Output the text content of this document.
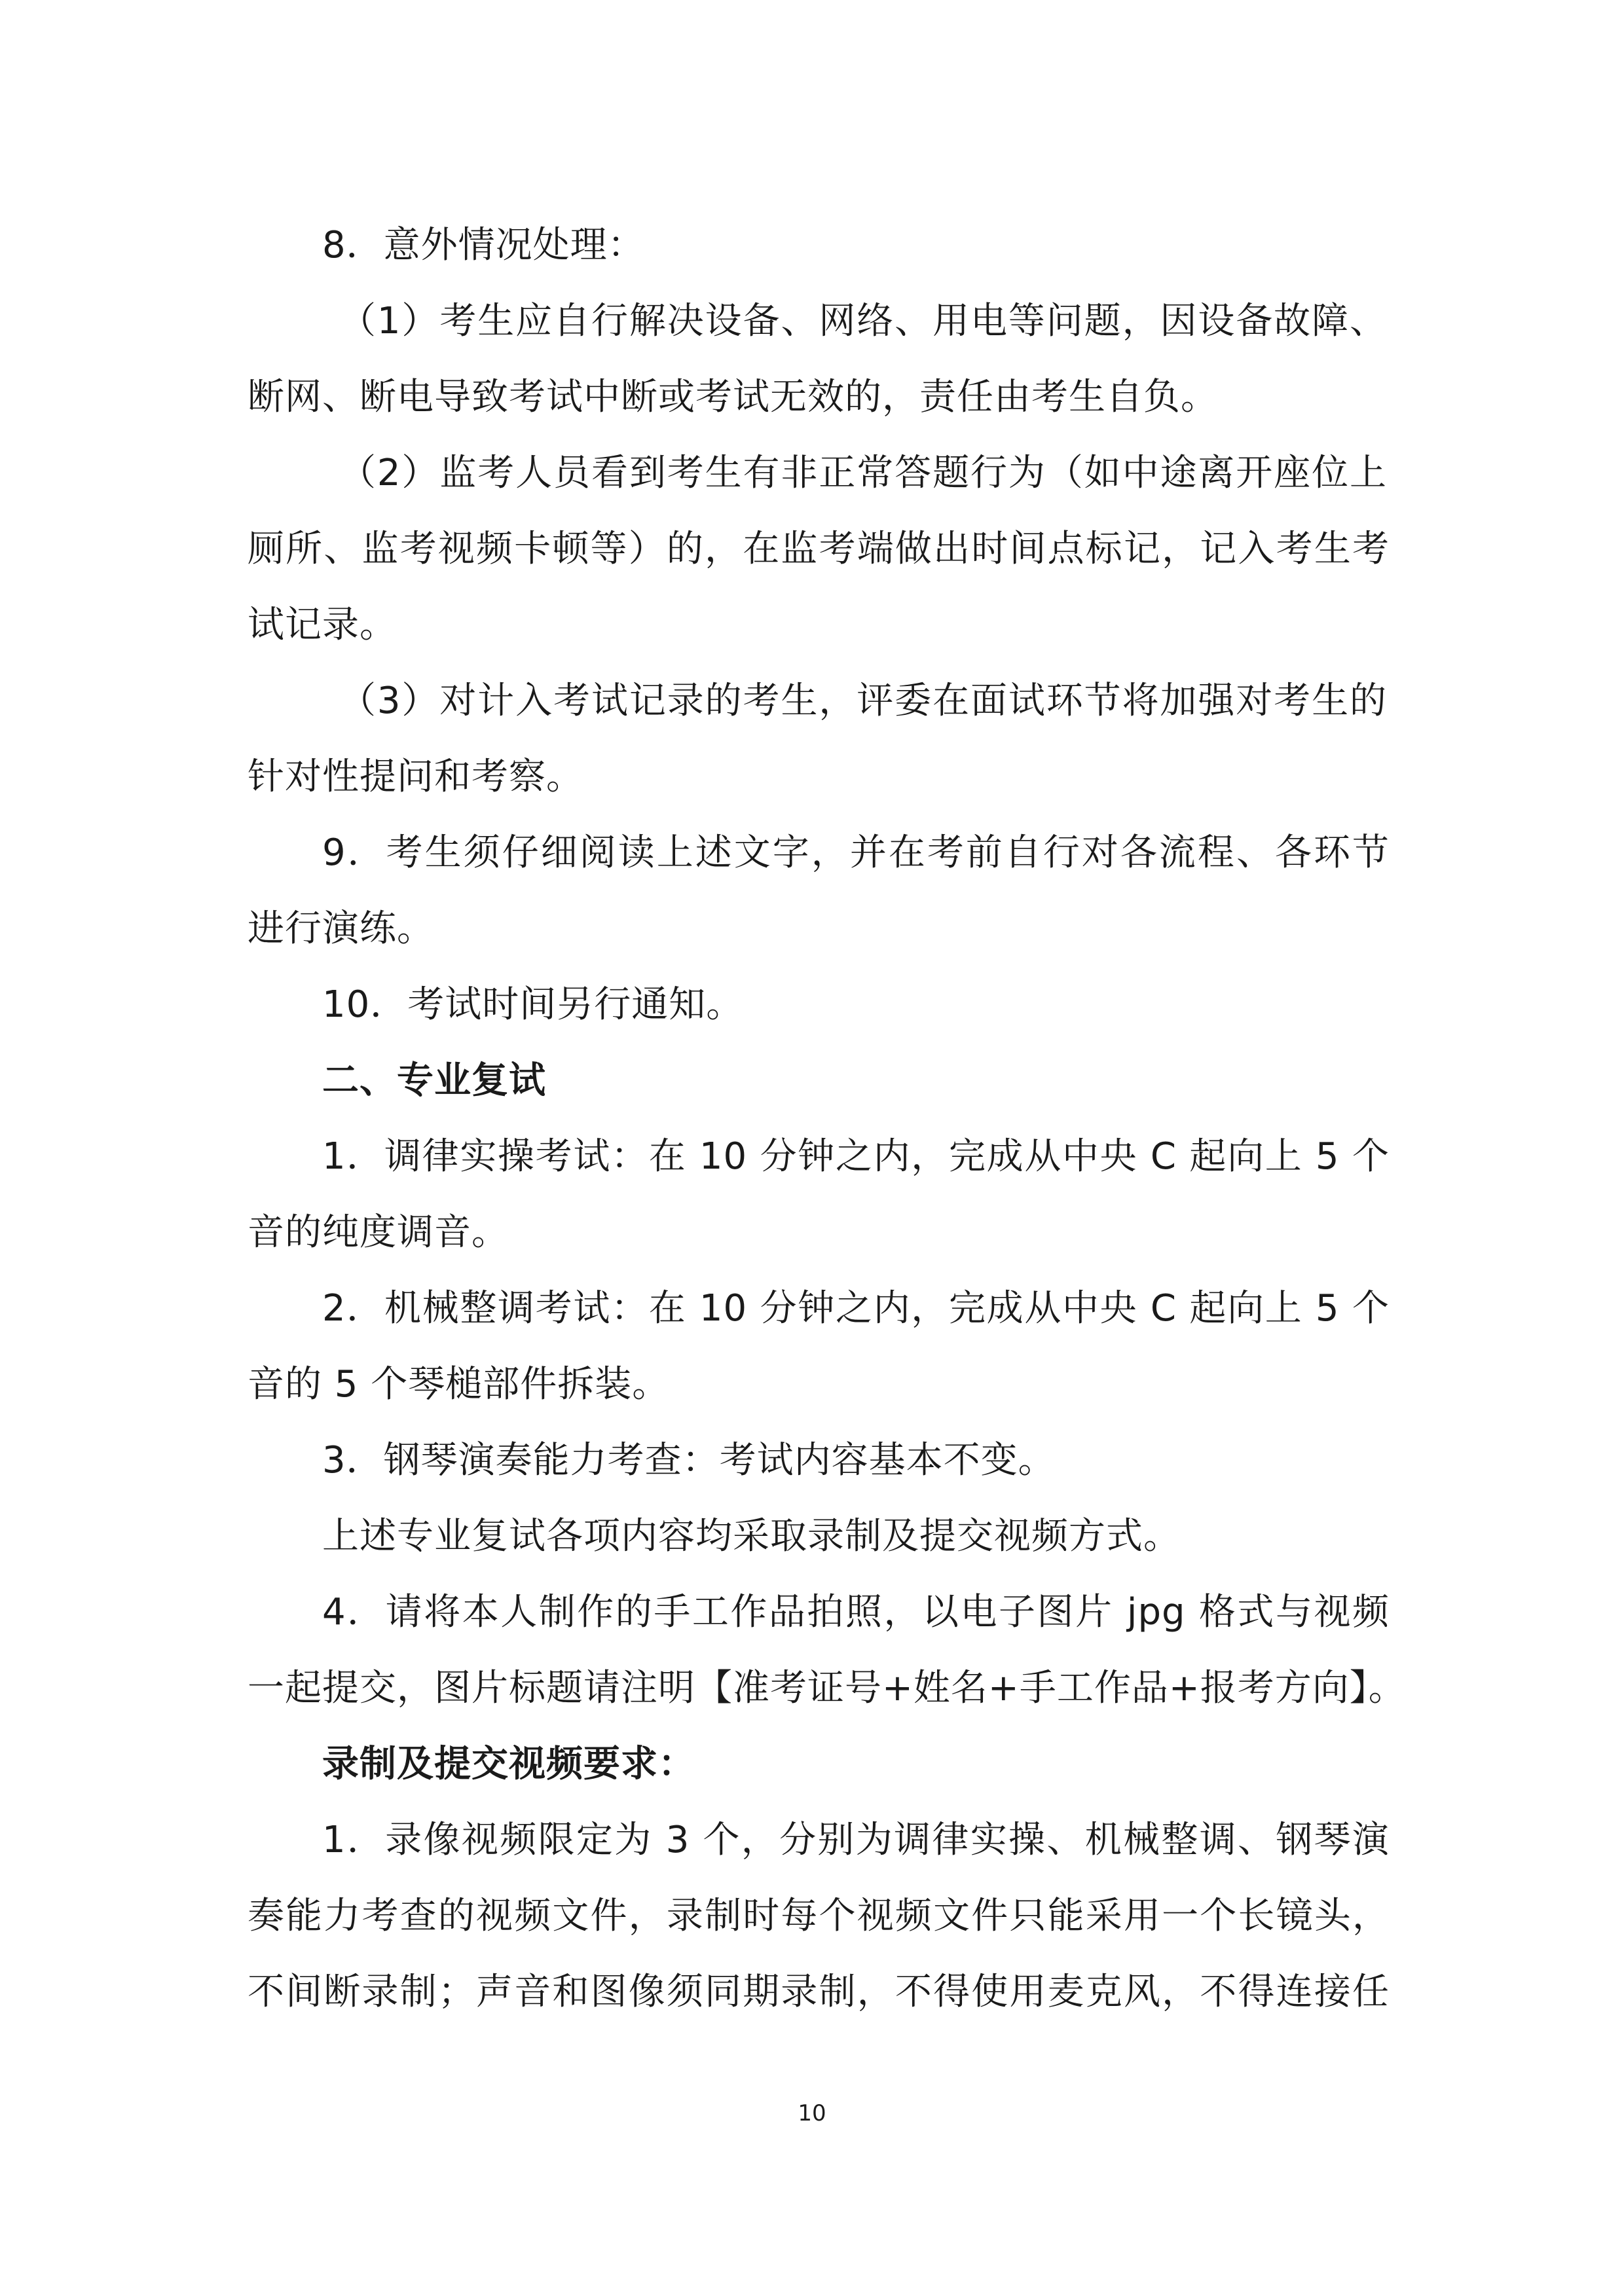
8．意外情况处理：
（1）考生应自行解决设备、网络、用电等问题，因设备故障、
断网、断电导致考试中断或考试无效的，责任由考生自负。
（2）监考人员看到考生有非正常答题行为（如中途离开座位上
厕所、监考视频卡顿等）的，在监考端做出时间点标记，记入考生考
试记录。
（3）对计入考试记录的考生，评委在面试环节将加强对考生的
针对性提问和考察。
9．考生须仔细阅读上述文字，并在考前自行对各流程、各环节
进行演练。
10．考试时间另行通知。
二、专业复试
1．调律实操考试：在 10 分钟之内，完成从中央 C 起向上 5 个
音的纯度调音。
2．机械整调考试：在 10 分钟之内，完成从中央 C 起向上 5 个
音的 5 个琴槌部件拆装。
3．钢琴演奏能力考查：考试内容基本不变。
上述专业复试各项内容均采取录制及提交视频方式。
4．请将本人制作的手工作品拍照，以电子图片 jpg 格式与视频
一起提交，图片标题请注明【准考证号+姓名+手工作品+报考方向】。
录制及提交视频要求：
1．录像视频限定为 3 个，分别为调律实操、机械整调、钢琴演
奏能力考查的视频文件，录制时每个视频文件只能采用一个长镜头，
不间断录制；声音和图像须同期录制，不得使用麦克风，不得连接任
10
